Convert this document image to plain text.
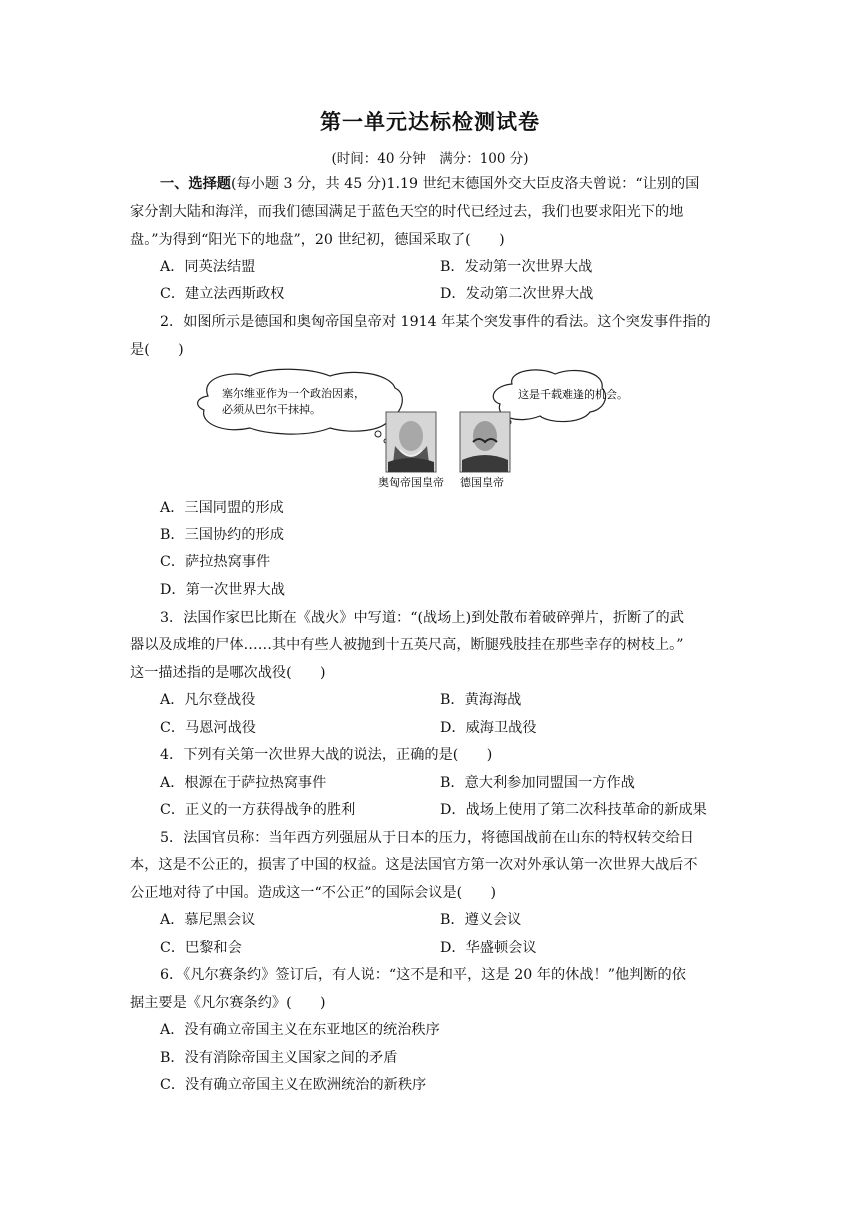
第一单元达标检测试卷
(时间：40 分钟　满分：100 分)
一、选择题(每小题 3 分，共 45 分)1.19 世纪末德国外交大臣皮洛夫曾说：“让别的国
家分割大陆和海洋，而我们德国满足于蓝色天空的时代已经过去，我们也要求阳光下的地
盘。”为得到“阳光下的地盘”，20 世纪初，德国采取了(　　)
A．同英法结盟	B．发动第一次世界大战
C．建立法西斯政权	D．发动第二次世界大战
2．如图所示是德国和奥匈帝国皇帝对 1914 年某个突发事件的看法。这个突发事件指的
是(　　)
塞尔维亚作为一个政治因素，
必须从巴尔干抹掉。
这是千载难逢的机会。
奥匈帝国皇帝 德国皇帝
A．三国同盟的形成
B．三国协约的形成
C．萨拉热窝事件
D．第一次世界大战
3．法国作家巴比斯在《战火》中写道：“(战场上)到处散布着破碎弹片，折断了的武
器以及成堆的尸体……其中有些人被抛到十五英尺高，断腿残肢挂在那些幸存的树枝上。”
这一描述指的是哪次战役(　　)
A．凡尔登战役	B．黄海海战
C．马恩河战役	D．威海卫战役
4．下列有关第一次世界大战的说法，正确的是(　　)
A．根源在于萨拉热窝事件	B．意大利参加同盟国一方作战
C．正义的一方获得战争的胜利	D．战场上使用了第二次科技革命的新成果
5．法国官员称：当年西方列强屈从于日本的压力，将德国战前在山东的特权转交给日
本，这是不公正的，损害了中国的权益。这是法国官方第一次对外承认第一次世界大战后不
公正地对待了中国。造成这一“不公正”的国际会议是(　　)
A．慕尼黑会议	B．遵义会议
C．巴黎和会	D．华盛顿会议
6．《凡尔赛条约》签订后，有人说：“这不是和平，这是 20 年的休战！”他判断的依
据主要是《凡尔赛条约》(　　)
A．没有确立帝国主义在东亚地区的统治秩序
B．没有消除帝国主义国家之间的矛盾
C．没有确立帝国主义在欧洲统治的新秩序
